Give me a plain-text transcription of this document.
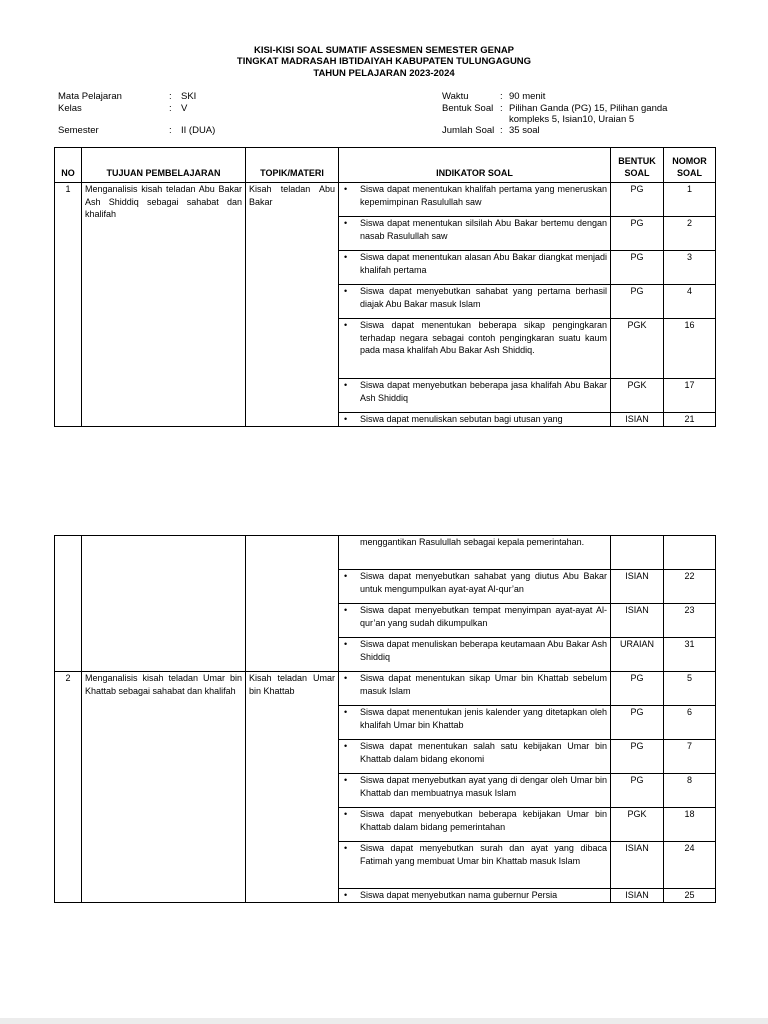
KISI-KISI SOAL SUMATIF ASSESMEN SEMESTER GENAP
TINGKAT MADRASAH IBTIDAIYAH KABUPATEN TULUNGAGUNG
TAHUN PELAJARAN 2023-2024
Mata Pelajaran	: SKI
Kelas	: V
Semester	: II (DUA)
Waktu	: 90 menit
Bentuk Soal : Pilihan Ganda (PG) 15, Pilihan ganda
kompleks 5, Isian10, Uraian 5
Jumlah Soal : 35 soal
NO	TUJUAN PEMBELAJARAN	TOPIK/MATERI	INDIKATOR SOAL	BENTUK SOAL	NOMOR SOAL
1	Menganalisis kisah teladan Abu Bakar Ash Shiddiq sebagai sahabat dan khalifah	Kisah teladan Abu Bakar	• Siswa dapat menentukan khalifah pertama yang meneruskan kepemimpinan Rasulullah saw	PG	1

			• Siswa dapat menentukan silsilah Abu Bakar bertemu dengan nasab Rasulullah saw	PG	2

			• Siswa dapat menentukan alasan Abu Bakar diangkat menjadi khalifah pertama	PG	3

			• Siswa dapat menyebutkan sahabat yang pertama berhasil diajak Abu Bakar masuk Islam	PG	4

			• Siswa dapat menentukan beberapa sikap pengingkaran terhadap negara sebagai contoh pengingkaran suatu kaum pada masa khalifah Abu Bakar Ash Shiddiq.	PGK	16

			• Siswa dapat menyebutkan beberapa jasa khalifah Abu Bakar Ash Shiddiq	PGK	17

			• Siswa dapat menuliskan sebutan bagi utusan yang	ISIAN	21

			menggantikan Rasulullah sebagai kepala pemerintahan.		

			• Siswa dapat menyebutkan sahabat yang diutus Abu Bakar untuk mengumpulkan ayat-ayat Al-qur’an	ISIAN	22

			• Siswa dapat menyebutkan tempat menyimpan ayat-ayat Al-qur’an yang sudah dikumpulkan	ISIAN	23

			• Siswa dapat menuliskan beberapa keutamaan Abu Bakar Ash Shiddiq	URAIAN	31
2	Menganalisis kisah teladan Umar bin Khattab sebagai sahabat dan khalifah	Kisah teladan Umar bin Khattab	• Siswa dapat menentukan sikap Umar bin Khattab sebelum masuk Islam	PG	5

			• Siswa dapat menentukan jenis kalender yang ditetapkan oleh khalifah Umar bin Khattab	PG	6

			• Siswa dapat menentukan salah satu kebijakan Umar bin Khattab dalam bidang ekonomi	PG	7

			• Siswa dapat menyebutkan ayat yang di dengar oleh Umar bin Khattab dan membuatnya masuk Islam	PG	8

			• Siswa dapat menyebutkan beberapa kebijakan Umar bin Khattab dalam bidang pemerintahan	PGK	18

			• Siswa dapat menyebutkan surah dan ayat yang dibaca Fatimah yang membuat Umar bin Khattab masuk Islam	ISIAN	24

			• Siswa dapat menyebutkan nama gubernur Persia	ISIAN	25
